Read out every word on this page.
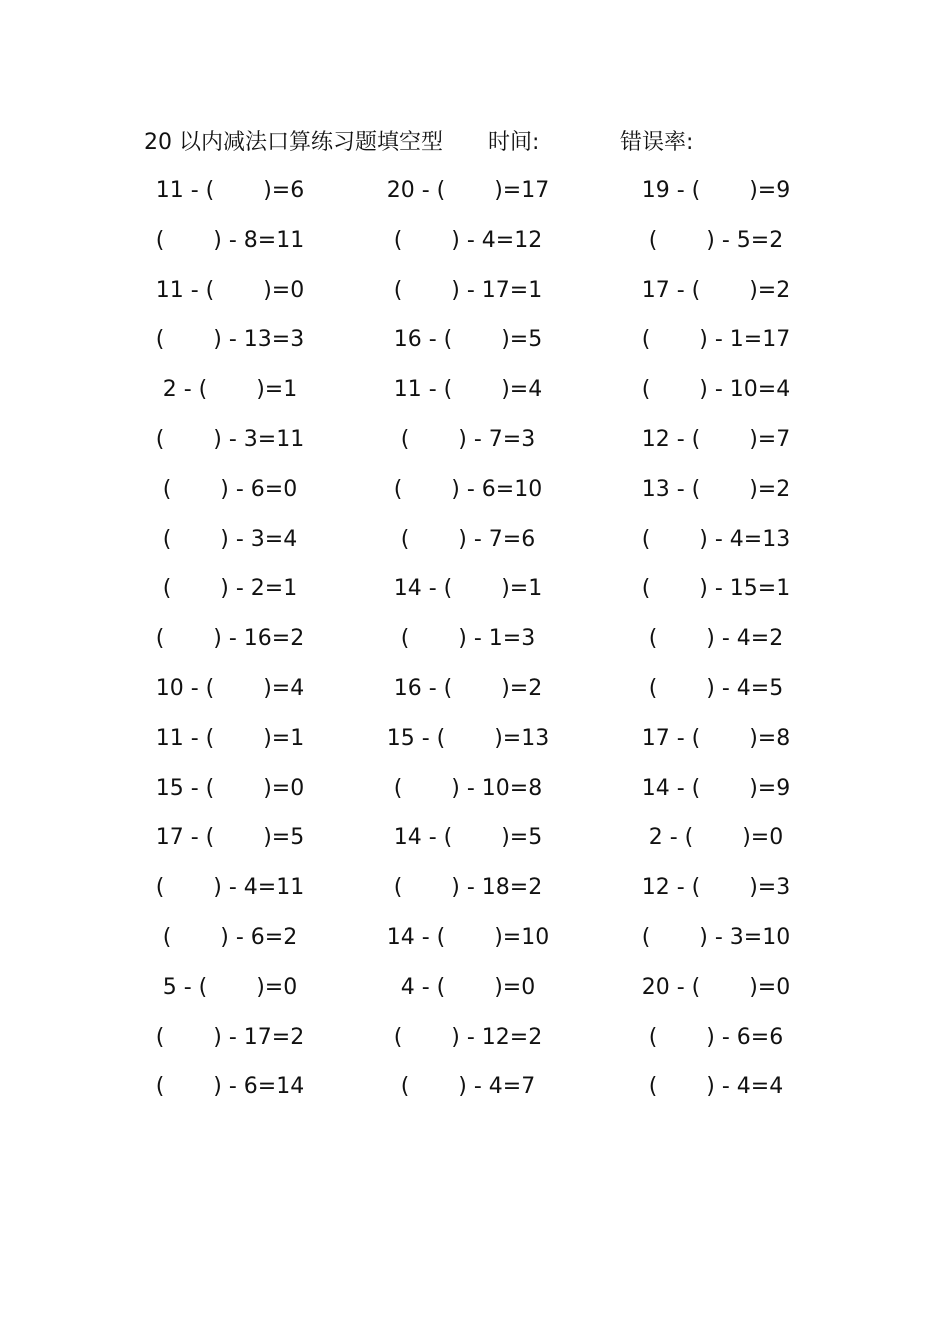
20 以内减法口算练习题填空型 时间:	错误率:
11 - (       )=6	20 - (       )=17	19 - (       )=9
(       ) - 8=11	(       ) - 4=12	(       ) - 5=2
11 - (       )=0	(       ) - 17=1	17 - (       )=2
(       ) - 13=3	16 - (       )=5	(       ) - 1=17
2 - (       )=1	11 - (       )=4	(       ) - 10=4
(       ) - 3=11	(       ) - 7=3	12 - (       )=7
(       ) - 6=0	(       ) - 6=10	13 - (       )=2
(       ) - 3=4	(       ) - 7=6	(       ) - 4=13
(       ) - 2=1	14 - (       )=1	(       ) - 15=1
(       ) - 16=2	(       ) - 1=3	(       ) - 4=2
10 - (       )=4	16 - (       )=2	(       ) - 4=5
11 - (       )=1	15 - (       )=13	17 - (       )=8
15 - (       )=0	(       ) - 10=8	14 - (       )=9
17 - (       )=5	14 - (       )=5	2 - (       )=0
(       ) - 4=11	(       ) - 18=2	12 - (       )=3
(       ) - 6=2	14 - (       )=10	(       ) - 3=10
5 - (       )=0	4 - (       )=0	20 - (       )=0
(       ) - 17=2	(       ) - 12=2	(       ) - 6=6
(       ) - 6=14	(       ) - 4=7	(       ) - 4=4
